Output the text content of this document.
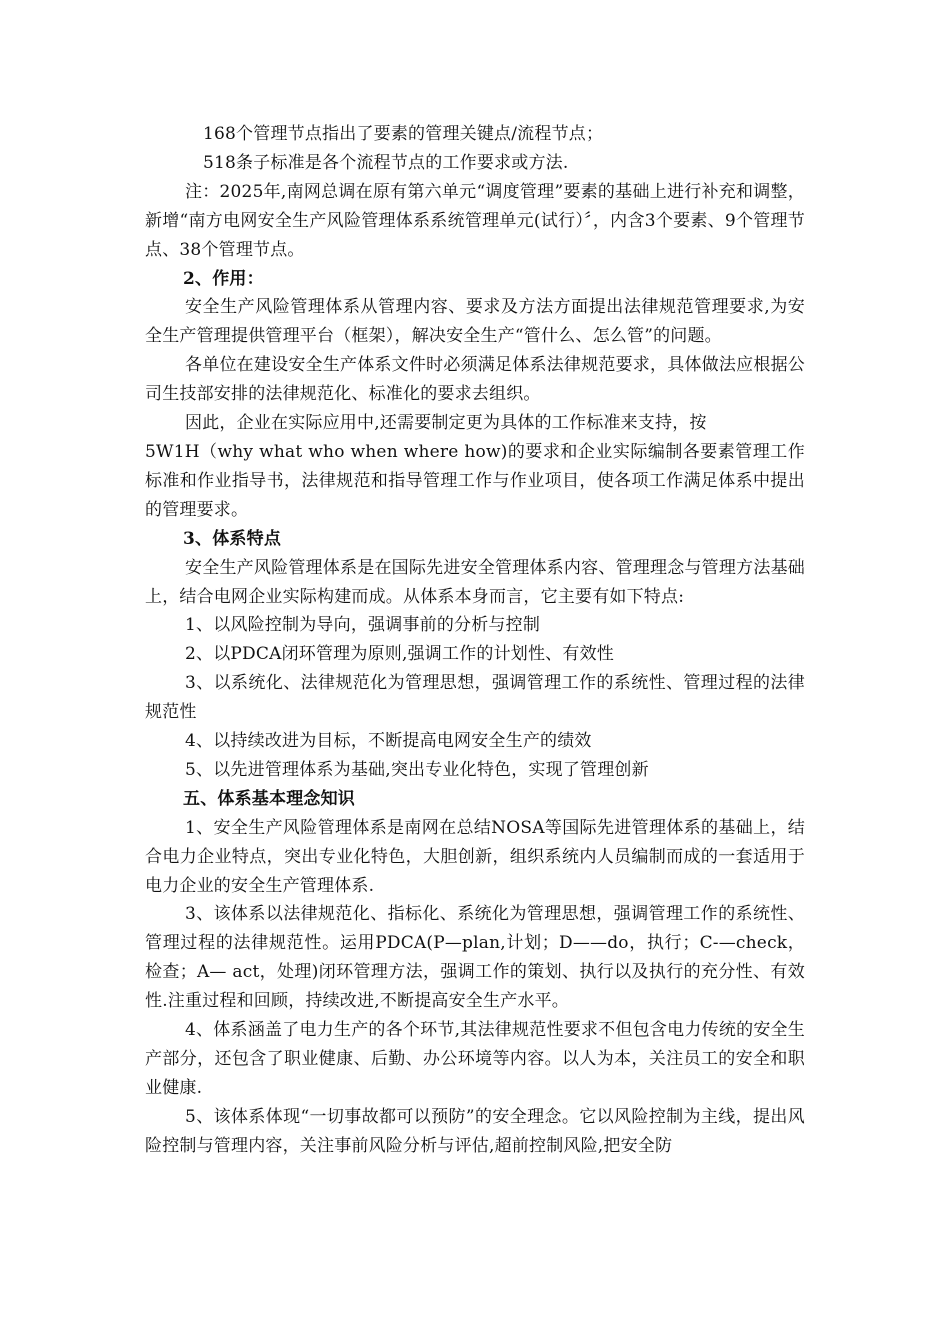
168个管理节点指出了要素的管理关键点/流程节点；

518条子标准是各个流程节点的工作要求或方法.

注：2025年,南网总调在原有第六单元“调度管理”要素的基础上进行补充和调整，新增“南方电网安全生产风险管理体系系统管理单元(试行）〞，内含3个要素、9个管理节点、38个管理节点。

2、作用：

安全生产风险管理体系从管理内容、要求及方法方面提出法律规范管理要求,为安全生产管理提供管理平台（框架），解决安全生产“管什么、怎么管”的问题。

各单位在建设安全生产体系文件时必须满足体系法律规范要求，具体做法应根据公司生技部安排的法律规范化、标准化的要求去组织。

因此，企业在实际应用中,还需要制定更为具体的工作标准来支持，按

5W1H（why what who when where how)的要求和企业实际编制各要素管理工作标准和作业指导书，法律规范和指导管理工作与作业项目，使各项工作满足体系中提出的管理要求。

3、体系特点

安全生产风险管理体系是在国际先进安全管理体系内容、管理理念与管理方法基础上，结合电网企业实际构建而成。从体系本身而言，它主要有如下特点:

1、以风险控制为导向，强调事前的分析与控制

2、以PDCA闭环管理为原则,强调工作的计划性、有效性

3、以系统化、法律规范化为管理思想，强调管理工作的系统性、管理过程的法律规范性

4、以持续改进为目标，不断提高电网安全生产的绩效

5、以先进管理体系为基础,突出专业化特色，实现了管理创新

五、体系基本理念知识

1、安全生产风险管理体系是南网在总结NOSA等国际先进管理体系的基础上，结合电力企业特点，突出专业化特色，大胆创新，组织系统内人员编制而成的一套适用于电力企业的安全生产管理体系.

3、该体系以法律规范化、指标化、系统化为管理思想，强调管理工作的系统性、管理过程的法律规范性。运用PDCA(P—plan,计划；D——do，执行；C-—check，检查；A— act，处理)闭环管理方法，强调工作的策划、执行以及执行的充分性、有效性.注重过程和回顾，持续改进,不断提高安全生产水平。

4、体系涵盖了电力生产的各个环节,其法律规范性要求不但包含电力传统的安全生产部分，还包含了职业健康、后勤、办公环境等内容。以人为本，关注员工的安全和职业健康.

5、该体系体现“一切事故都可以预防”的安全理念。它以风险控制为主线，提出风险控制与管理内容，关注事前风险分析与评估,超前控制风险,把安全防
